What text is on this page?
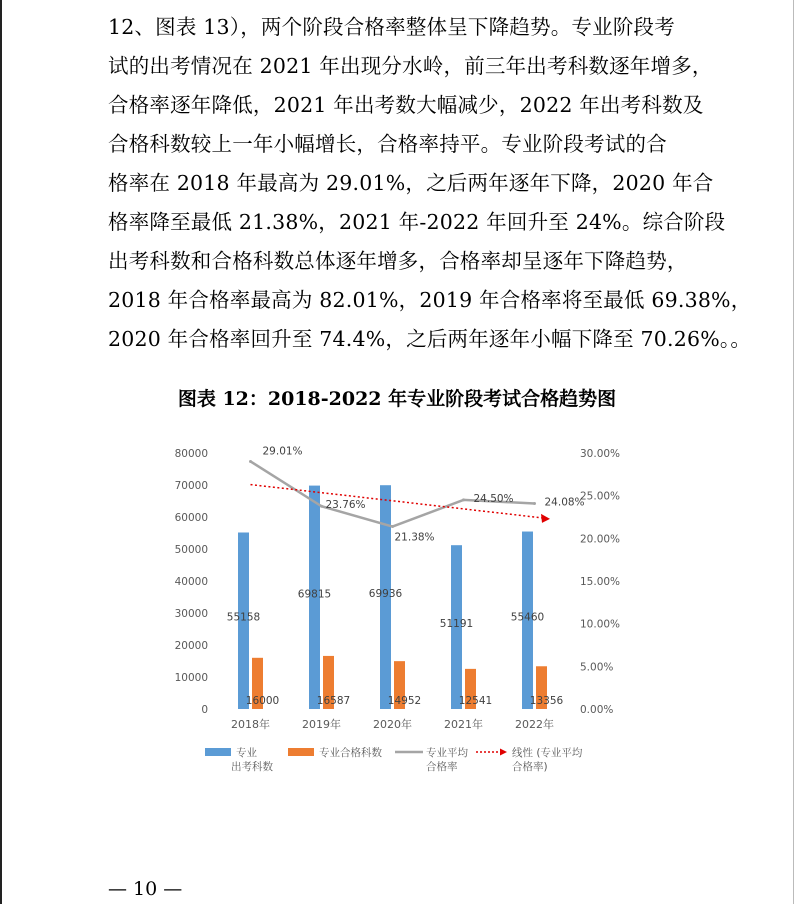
12、图表 13），两个阶段合格率整体呈下降趋势。专业阶段考
试的出考情况在 2021 年出现分水岭，前三年出考科数逐年增多，
合格率逐年降低，2021 年出考数大幅减少，2022 年出考科数及
合格科数较上一年小幅增长，合格率持平。专业阶段考试的合
格率在 2018 年最高为 29.01%，之后两年逐年下降，2020 年合
格率降至最低 21.38%，2021 年-2022 年回升至 24%。综合阶段
出考科数和合格科数总体逐年增多，合格率却呈逐年下降趋势，
2018 年合格率最高为 82.01%，2019 年合格率将至最低 69.38%，
2020 年合格率回升至 74.4%，之后两年逐年小幅下降至 70.26%。。
图表 12：2018-2022 年专业阶段考试合格趋势图
0
10000
20000
30000
40000
50000
60000
70000
80000
0.00%
5.00%
10.00%
15.00%
20.00%
25.00%
30.00%
55158
69815	69936
51191
55460
16000	16587	14952	12541	13356
29.01%
23.76%
21.38%
24.50%	24.08%
2018年	2019年	2020年	2021年	2022年
专业
出考科数
专业合格科数	专业平均
合格率
线性 (专业平均
合格率)
— 10 —
